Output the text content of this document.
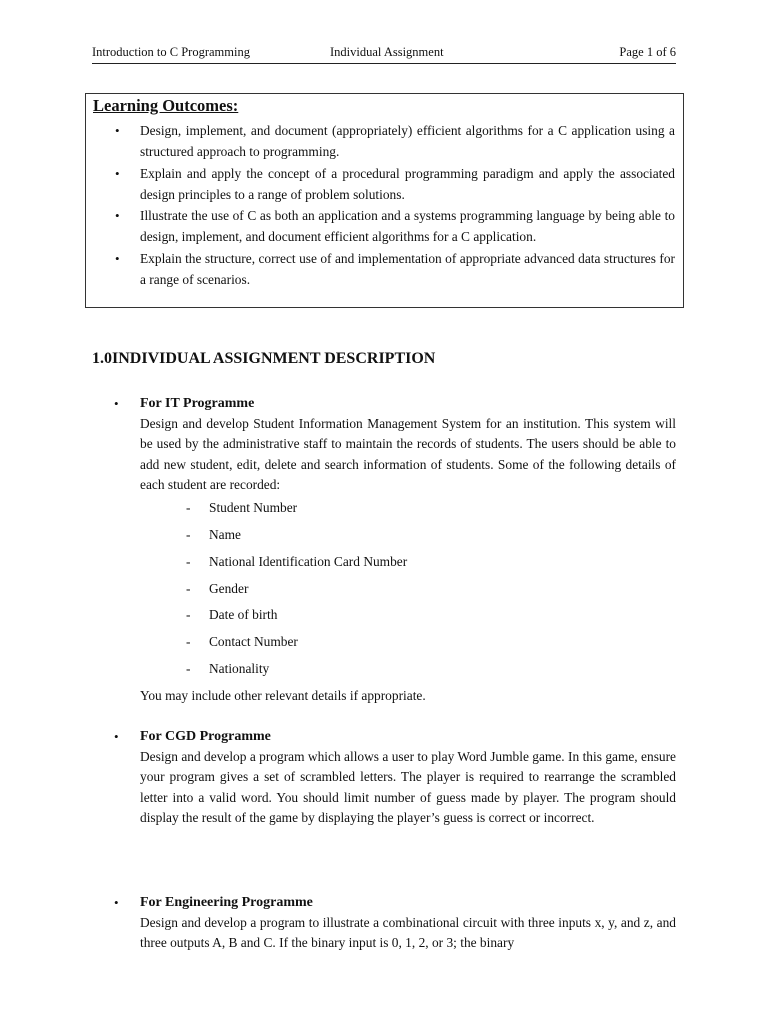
Introduction to C Programming	Individual Assignment	Page 1 of 6
Learning Outcomes:
• Design, implement, and document (appropriately) efficient algorithms for a C application using a structured approach to programming.
• Explain and apply the concept of a procedural programming paradigm and apply the associated design principles to a range of problem solutions.
• Illustrate the use of C as both an application and a systems programming language by being able to design, implement, and document efficient algorithms for a C application.
• Explain the structure, correct use of and implementation of appropriate advanced data structures for a range of scenarios.
1.0INDIVIDUAL ASSIGNMENT DESCRIPTION
• For IT Programme
Design and develop Student Information Management System for an institution. This system will be used by the administrative staff to maintain the records of students. The users should be able to add new student, edit, delete and search information of students. Some of the following details of each student are recorded:
- Student Number
- Name
- National Identification Card Number
- Gender
- Date of birth
- Contact Number
- Nationality
You may include other relevant details if appropriate.
• For CGD Programme
Design and develop a program which allows a user to play Word Jumble game. In this game, ensure your program gives a set of scrambled letters. The player is required to rearrange the scrambled letter into a valid word. You should limit number of guess made by player. The program should display the result of the game by displaying the player’s guess is correct or incorrect.
• For Engineering Programme
Design and develop a program to illustrate a combinational circuit with three inputs x, y, and z, and three outputs A, B and C. If the binary input is 0, 1, 2, or 3; the binary
